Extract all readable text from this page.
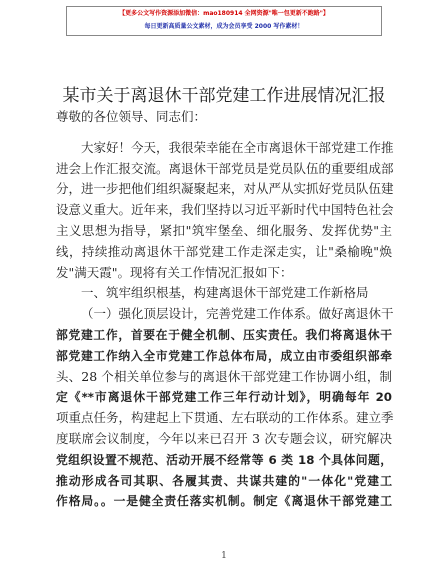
【更多公文写作资源添加微信：mao180914 全网资源"唯一包更新不跑路"】
每日更新高质量公文素材，成为会员享受 2000 写作素材！
某市关于离退休干部党建工作进展情况汇报
尊敬的各位领导、同志们：
大家好！今天，我很荣幸能在全市离退休干部党建工作推
进会上作汇报交流。离退休干部党员是党员队伍的重要组成部
分，进一步把他们组织凝聚起来，对从严从实抓好党员队伍建
设意义重大。近年来，我们坚持以习近平新时代中国特色社会
主义思想为指导，紧扣"筑牢堡垒、细化服务、发挥优势"主
线，持续推动离退休干部党建工作走深走实，让"桑榆晚"焕
发"满天霞"。现将有关工作情况汇报如下：
一、筑牢组织根基，构建离退休干部党建工作新格局
（一）强化顶层设计，完善党建工作体系。做好离退休干
部党建工作，首要在于健全机制、压实责任。我们将离退休干
部党建工作纳入全市党建工作总体布局，成立由市委组织部牵
头、28 个相关单位参与的离退休干部党建工作协调小组，制
定《**市离退休干部党建工作三年行动计划》，明确每年 20
项重点任务，构建起上下贯通、左右联动的工作体系。建立季
度联席会议制度，今年以来已召开 3 次专题会议，研究解决
党组织设置不规范、活动开展不经常等 6 类 18 个具体问题，
推动形成各司其职、各履其责、共谋共建的"一体化"党建工
作格局。。一是健全责任落实机制。制定《离退休干部党建工
1
